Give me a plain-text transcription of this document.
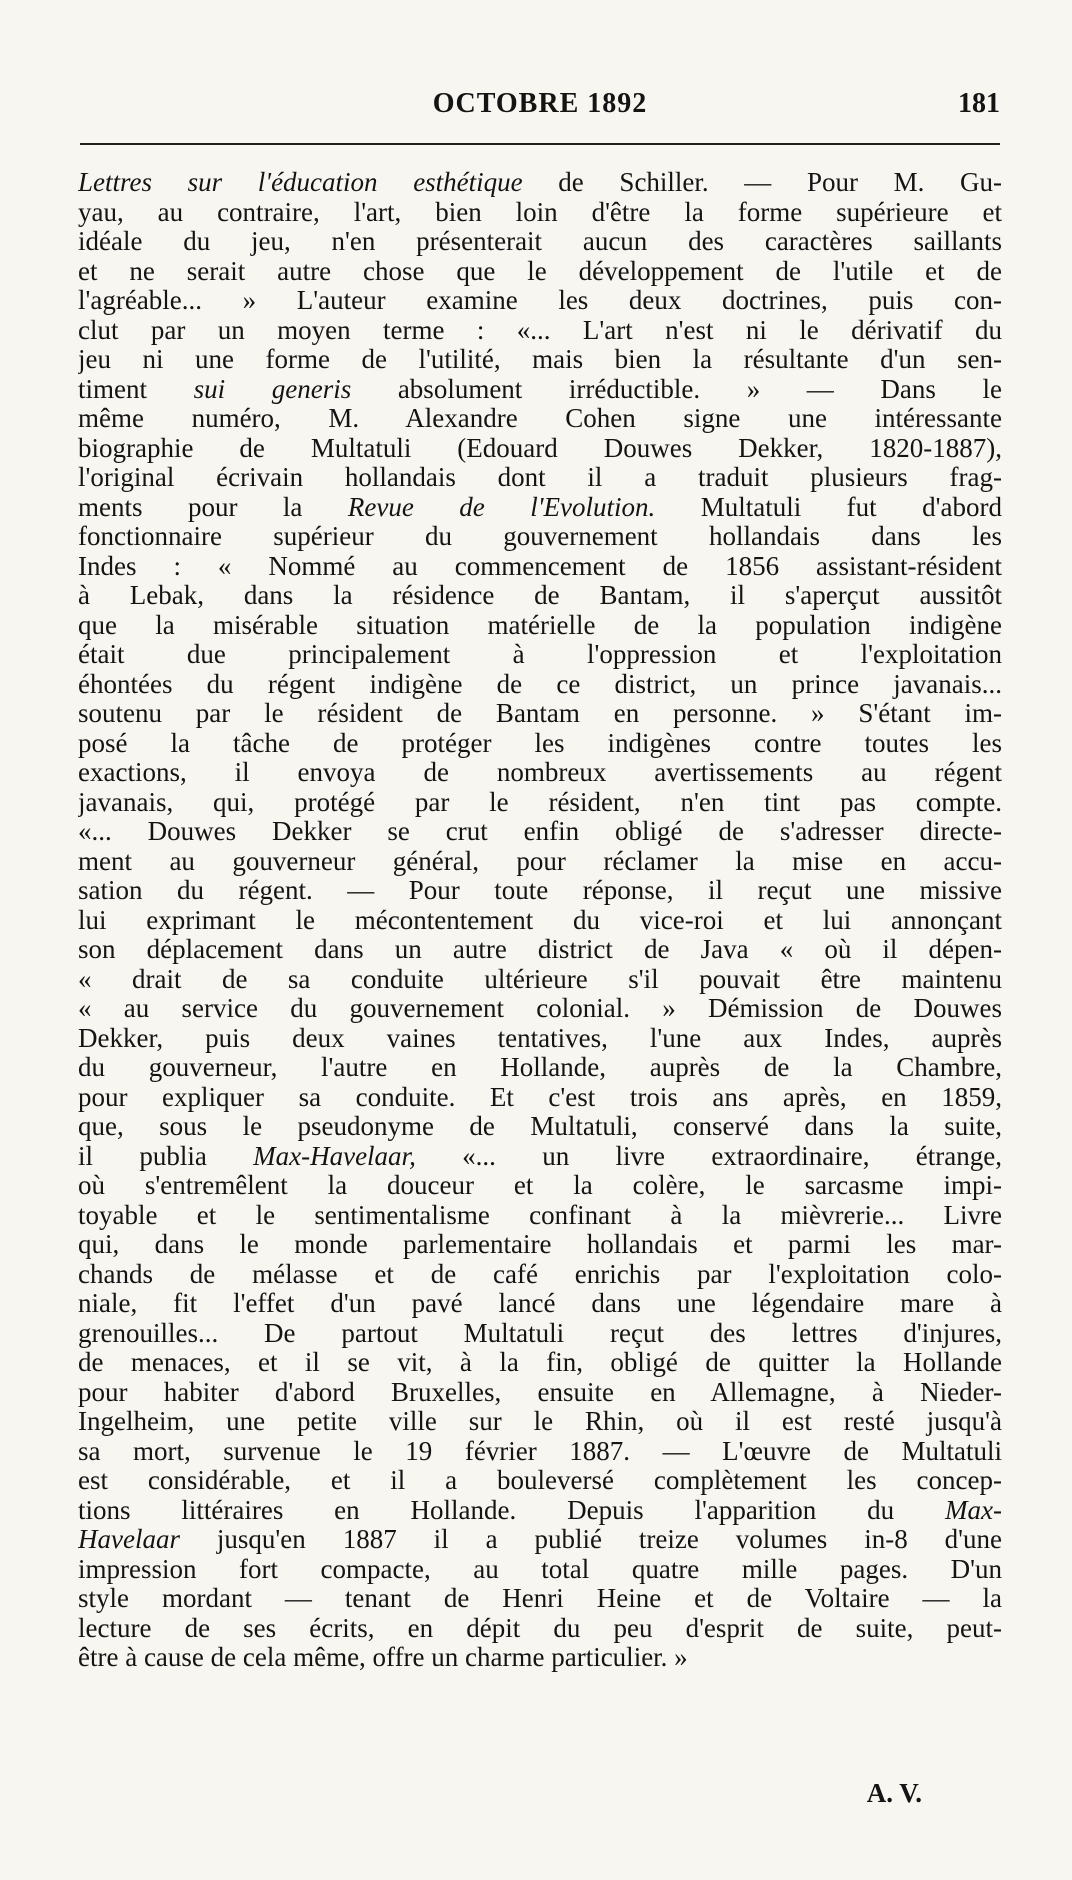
OCTOBRE 1892	181
Lettres sur l'éducation esthétique de Schiller. — Pour M. Gu-
yau, au contraire, l'art, bien loin d'être la forme supérieure et
idéale du jeu, n'en présenterait aucun des caractères saillants
et ne serait autre chose que le développement de l'utile et de
l'agréable... » L'auteur examine les deux doctrines, puis con-
clut par un moyen terme : «... L'art n'est ni le dérivatif du
jeu ni une forme de l'utilité, mais bien la résultante d'un sen-
timent sui generis absolument irréductible. » — Dans le
même numéro, M. Alexandre Cohen signe une intéressante
biographie de Multatuli (Edouard Douwes Dekker, 1820-1887),
l'original écrivain hollandais dont il a traduit plusieurs frag-
ments pour la Revue de l'Evolution. Multatuli fut d'abord
fonctionnaire supérieur du gouvernement hollandais dans les
Indes : « Nommé au commencement de 1856 assistant-résident
à Lebak, dans la résidence de Bantam, il s'aperçut aussitôt
que la misérable situation matérielle de la population indigène
était due principalement à l'oppression et l'exploitation
éhontées du régent indigène de ce district, un prince javanais...
soutenu par le résident de Bantam en personne. » S'étant im-
posé la tâche de protéger les indigènes contre toutes les
exactions, il envoya de nombreux avertissements au régent
javanais, qui, protégé par le résident, n'en tint pas compte.
«... Douwes Dekker se crut enfin obligé de s'adresser directe-
ment au gouverneur général, pour réclamer la mise en accu-
sation du régent. — Pour toute réponse, il reçut une missive
lui exprimant le mécontentement du vice-roi et lui annonçant
son déplacement dans un autre district de Java « où il dépen-
« drait de sa conduite ultérieure s'il pouvait être maintenu
« au service du gouvernement colonial. » Démission de Douwes
Dekker, puis deux vaines tentatives, l'une aux Indes, auprès
du gouverneur, l'autre en Hollande, auprès de la Chambre,
pour expliquer sa conduite. Et c'est trois ans après, en 1859,
que, sous le pseudonyme de Multatuli, conservé dans la suite,
il publia Max-Havelaar, «... un livre extraordinaire, étrange,
où s'entremêlent la douceur et la colère, le sarcasme impi-
toyable et le sentimentalisme confinant à la mièvrerie... Livre
qui, dans le monde parlementaire hollandais et parmi les mar-
chands de mélasse et de café enrichis par l'exploitation colo-
niale, fit l'effet d'un pavé lancé dans une légendaire mare à
grenouilles... De partout Multatuli reçut des lettres d'injures,
de menaces, et il se vit, à la fin, obligé de quitter la Hollande
pour habiter d'abord Bruxelles, ensuite en Allemagne, à Nieder-
Ingelheim, une petite ville sur le Rhin, où il est resté jusqu'à
sa mort, survenue le 19 février 1887. — L'œuvre de Multatuli
est considérable, et il a bouleversé complètement les concep-
tions littéraires en Hollande. Depuis l'apparition du Max-
Havelaar jusqu'en 1887 il a publié treize volumes in-8 d'une
impression fort compacte, au total quatre mille pages. D'un
style mordant — tenant de Henri Heine et de Voltaire — la
lecture de ses écrits, en dépit du peu d'esprit de suite, peut-
être à cause de cela même, offre un charme particulier. »
A. V.
